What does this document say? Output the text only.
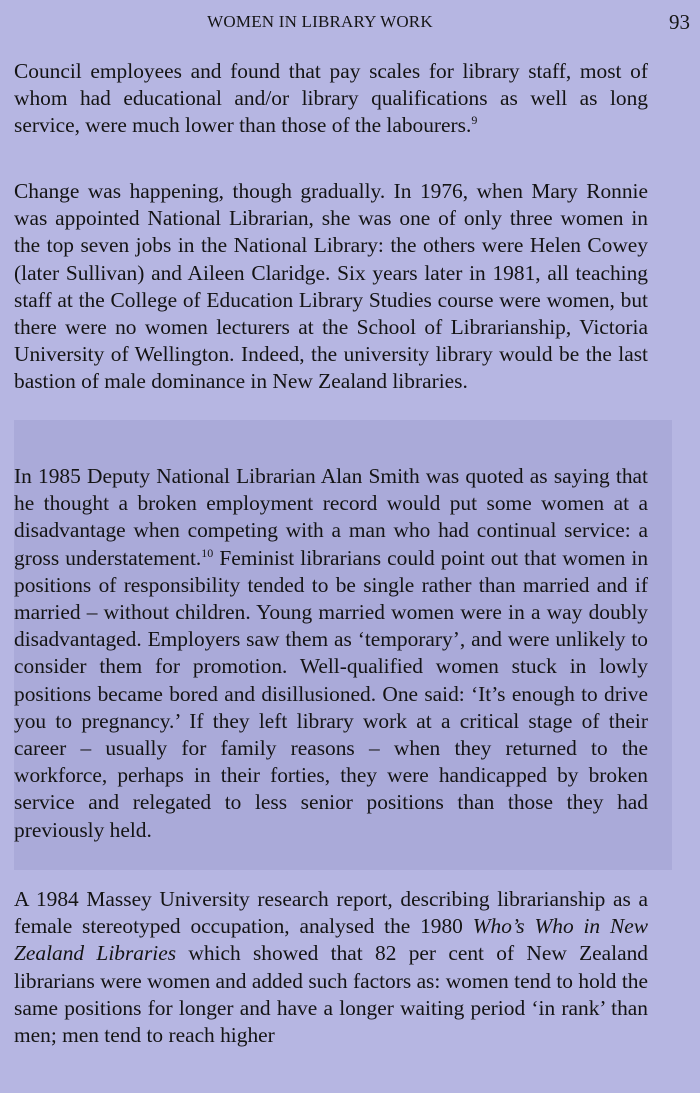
WOMEN IN LIBRARY WORK	93

Council employees and found that pay scales for library staff, most of whom had educational and/or library qualifications as well as long service, were much lower than those of the labourers.$^9$

Change was happening, though gradually. In 1976, when Mary Ronnie was appointed National Librarian, she was one of only three women in the top seven jobs in the National Library: the others were Helen Cowey (later Sullivan) and Aileen Claridge. Six years later in 1981, all teaching staff at the College of Education Library Studies course were women, but there were no women lecturers at the School of Librarianship, Victoria University of Wellington. Indeed, the university library would be the last bastion of male dominance in New Zealand libraries.

In 1985 Deputy National Librarian Alan Smith was quoted as saying that he thought a broken employment record would put some women at a disadvantage when competing with a man who had continual service: a gross understatement.$^{10}$ Feminist librarians could point out that women in positions of responsibility tended to be single rather than married and if married – without children. Young married women were in a way doubly disadvantaged. Employers saw them as ‘temporary’, and were unlikely to consider them for promotion. Well-qualified women stuck in lowly positions became bored and disillusioned. One said: ‘It’s enough to drive you to pregnancy.’ If they left library work at a critical stage of their career – usually for family reasons – when they returned to the workforce, perhaps in their forties, they were handicapped by broken service and relegated to less senior positions than those they had previously held.

A 1984 Massey University research report, describing librarianship as a female stereotyped occupation, analysed the 1980 Who’s Who in New Zealand Libraries which showed that 82 per cent of New Zealand librarians were women and added such factors as: women tend to hold the same positions for longer and have a longer waiting period ‘in rank’ than men; men tend to reach higher
